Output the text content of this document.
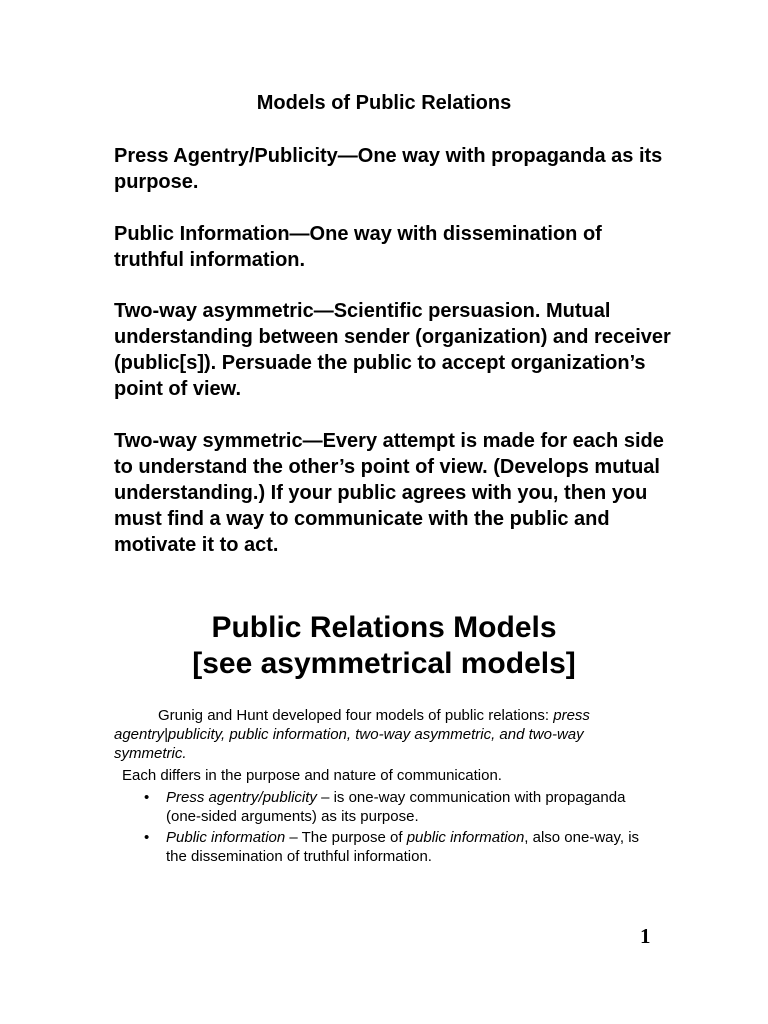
Models of Public Relations

Press Agentry/Publicity—One way with propaganda as its purpose.

Public Information—One way with dissemination of truthful information.

Two-way asymmetric—Scientific persuasion. Mutual understanding between sender (organization) and receiver (public[s]). Persuade the public to accept organization’s point of view.

Two-way symmetric—Every attempt is made for each side to understand the other’s point of view. (Develops mutual understanding.) If your public agrees with you, then you must find a way to communicate with the public and motivate it to act.

Public Relations Models
[see asymmetrical models]
Grunig and Hunt developed four models of public relations: press agentry|publicity, public information, two-way asymmetric, and two-way symmetric.
Each differs in the purpose and nature of communication.
• Press agentry/publicity – is one-way communication with propaganda (one-sided arguments) as its purpose.
• Public information – The purpose of public information, also one-way, is the dissemination of truthful information.
1
